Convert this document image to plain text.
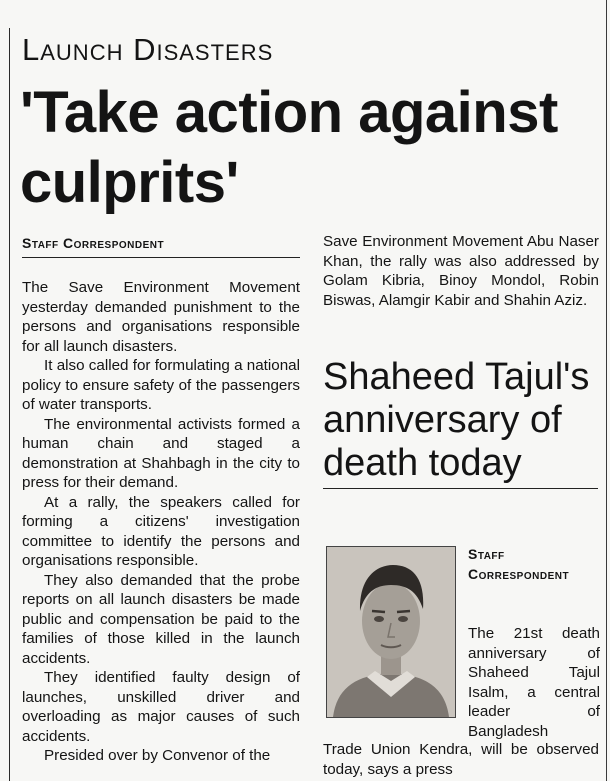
Launch Disasters
'Take action against culprits'
Staff Correspondent

The Save Environment Movement yesterday demanded punishment to the persons and organisations responsible for all launch disasters.

It also called for formulating a national policy to ensure safety of the passengers of water transports.

The environmental activists formed a human chain and staged a demonstration at Shahbagh in the city to press for their demand.

At a rally, the speakers called for forming a citizens' investigation committee to identify the persons and organisations responsible.

They also demanded that the probe reports on all launch disasters be made public and compensation be paid to the families of those killed in the launch accidents.

They identified faulty design of launches, unskilled driver and overloading as major causes of such accidents.

Presided over by Convenor of the

Save Environment Movement Abu Naser Khan, the rally was also addressed by Golam Kibria, Binoy Mondol, Robin Biswas, Alamgir Kabir and Shahin Aziz.

Shaheed Tajul's anniversary of death today
Staff Correspondent

The 21st death anniversary of Shaheed Tajul Isalm, a central leader of Bangladesh

Trade Union Kendra, will be observed today, says a press
